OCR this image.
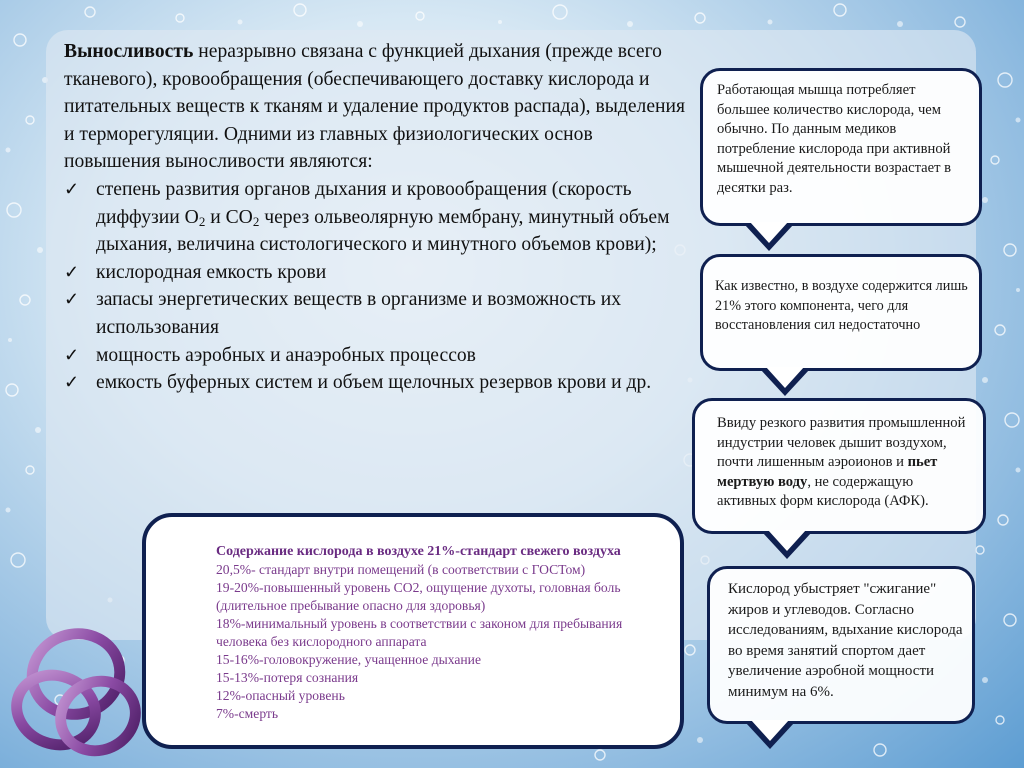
Выносливость неразрывно связана с функцией дыхания (прежде всего тканевого), кровообращения (обеспечивающего доставку кислорода и питательных веществ к тканям и удаление продуктов распада), выделения и терморегуляции. Одними из главных физиологических основ повышения выносливости являются:

✓ степень развития органов дыхания и кровообращения (скорость диффузии $O_2$ и $CO_2$ через ольвеолярную мембрану, минутный объем дыхания, величина систологического и минутного объемов крови);
✓ кислородная емкость крови
✓ запасы энергетических веществ в организме и возможность их использования
✓ мощность аэробных и анаэробных процессов
✓ емкость буферных систем и объем щелочных резервов крови и др.
Работающая мышца потребляет большее количество кислорода, чем обычно. По данным медиков потребление кислорода при активной мышечной деятельности возрастает в десятки раз.
Как известно, в воздухе содержится лишь 21% этого компонента, чего для восстановления сил недостаточно
Ввиду резкого развития промышленной индустрии человек дышит воздухом, почти лишенным аэроионов и пьет мертвую воду, не содержащую активных форм кислорода (АФК).
Кислород убыстряет "сжигание" жиров и углеводов. Согласно исследованиям, вдыхание кислорода во время занятий спортом дает увеличение аэробной мощности минимум на 6%.
Содержание кислорода в воздухе 21%-стандарт свежего воздуха
20,5%- стандарт внутри помещений (в соответствии с ГОСТом)
19-20%-повышенный уровень СО2, ощущение духоты, головная боль (длительное пребывание опасно для здоровья)
18%-минимальный уровень в соответствии с законом для пребывания человека без кислородного аппарата
15-16%-головокружение, учащенное дыхание
15-13%-потеря сознания
12%-опасный уровень
7%-смерть
